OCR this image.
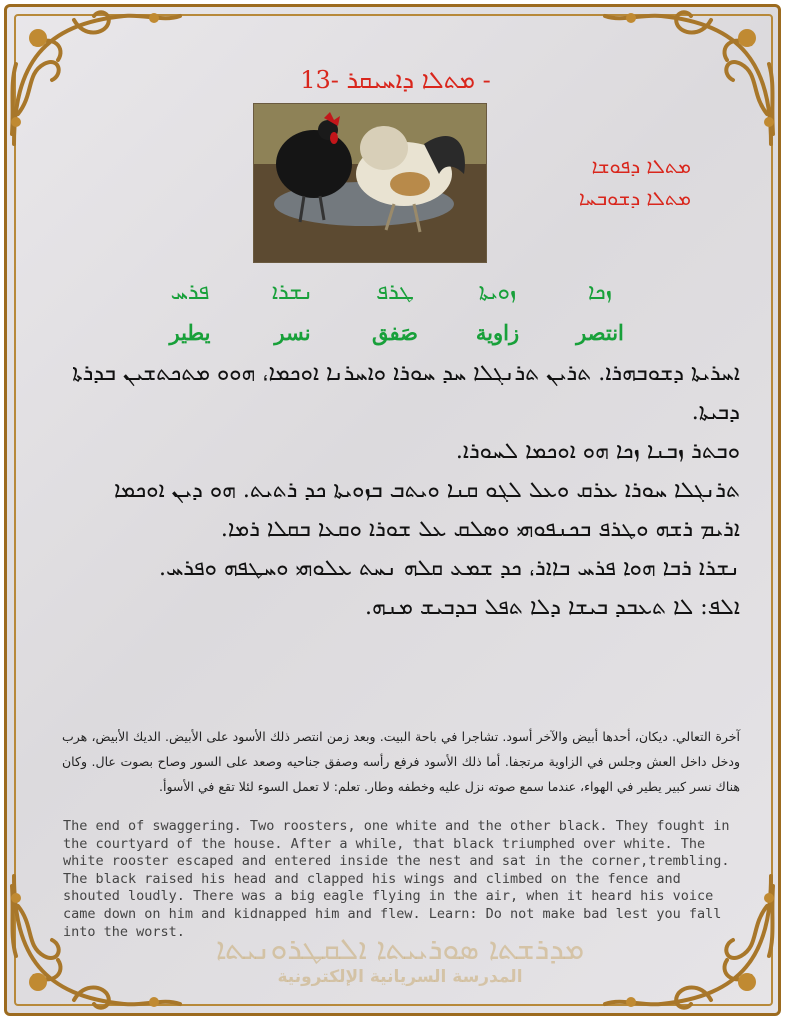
ܡܬܠܐ ܕܐܚܝܩܪ -13 -
ܡܬܠܐ ܕܦܘܫܐ
ܡܬܠܐ ܕܫܘܒܚܐ
ܙܟܐ
ܙܘܝܬܐ
ܛܪܦ
ܢܫܪܐ
ܦܪܚ
انتصر
زاوية
صَفق
نسر
يطير

ܐܚܪܝܬܐ ܕܫܘܒܗܪܐ. ܬܪܝܢ ܬܪܢܓܠܐ ܚܕ ܚܘܪܐ ܘܐܚܪܢܐ ܐܘܟܡܐ، ܗܘܘ ܡܬܟܬܫܝܢ ܒܕܪܬܐ ܕܒܝܬܐ.

ܘܒܬܪ ܙܒܢܐ ܙܟܐ ܗܘ ܐܘܟܡܐ ܠܚܘܪܐ.

ܬܪܢܓܠܐ ܚܘܪܐ ܥܪܩ ܘܥܠ ܠܓܘ ܩܢܐ ܘܝܬܒ ܒܙܘܝܬܐ ܟܕ ܪܬܝܬ. ܗܘ ܕܝܢ ܐܘܟܡܐ ܐܪܝܡ ܪܫܗ ܘܛܪܦ ܒܟܢܦܘܗܝ ܘܣܠܩ ܥܠ ܫܘܪܐ ܘܩܥܐ ܒܩܠܐ ܪܡܐ.

ܢܫܪܐ ܪܒܐ ܗܘܐ ܦܪܚ ܒܐܐܪ، ܟܕ ܫܡܥ ܩܠܗ ܢܚܬ ܥܠܘܗܝ ܘܚܛܦܗ ܘܦܪܚ.

ܐܠܦ: ܠܐ ܬܥܒܕ ܒܝܫܐ ܕܠܐ ܬܦܠ ܒܕܒܝܫ ܡܢܗ.

آخرة التعالي. ديكان، أحدها أبيض والآخر أسود. تشاجرا في باحة البيت. وبعد زمن انتصر ذلك الأسود على الأبيض. الديك الأبيض، هرب ودخل داخل العش وجلس في الزاوية مرتجفا. أما ذلك الأسود فرفع رأسه وصفق جناحيه وصعد على السور وصاح بصوت عال. وكان هناك نسر كبير يطير في الهواء، عندما سمع صوته نزل عليه وخطفه وطار. تعلم: لا تعمل السوء لئلا تقع في الأسوأ.
ܡܕܪܫܬܐ ܣܘܪܝܝܬܐ ܐܠܩܛܪܘܢܝܬܐ
المدرسة السريانية الإلكترونية
The end of swaggering. Two roosters, one white and the other black. They fought in the courtyard of the house. After a while, that black triumphed over white. The white rooster escaped and entered inside the nest and sat in the corner,trembling. The black raised his head and clapped his wings and climbed on the fence and shouted loudly. There was a big eagle flying in the air, when it heard his voice came down on him and kidnapped him and flew. Learn: Do not make bad lest you fall into the worst.
